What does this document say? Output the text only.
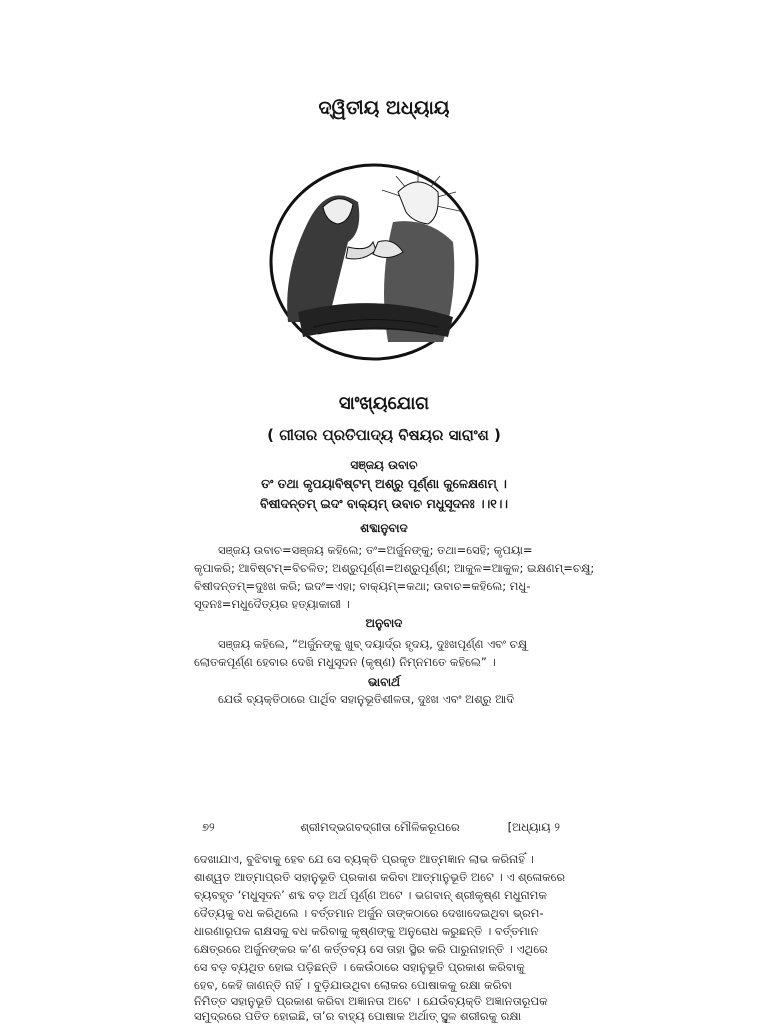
ଦ୍ୱିତୀୟ ଅଧ୍ୟାୟ
ସାଂଖ୍ୟଯୋଗ
( ଗୀତାର ପ୍ରତିପାଦ୍ୟ ବିଷୟର ସାରାଂଶ )
ସଞ୍ଜୟ ଉବାଚ
ତଂ ତଥା କୃପୟାବିଷ୍ଟମ୍ ଅଶ୍ରୁ ପୂର୍ଣ୍ଣା କୁଳେକ୍ଷଣମ୍ ।
ବିଷୀଦନ୍ତମ୍ ଇଦଂ ବାକ୍ୟମ୍ ଉବାଚ ମଧୁସୂଦନଃ ।।୧।।
ଶବ୍ଦାନୁବାଦ
ସଞ୍ଜୟ ଉବାଚ=ସଞ୍ଜୟ କହିଲେ; ତଂ=ଅର୍ଜୁନଙ୍କୁ; ତଥା=ସେହି; କୃପୟା=
କୃପାକରି; ଆବିଷ୍ଟମ୍=ବିଚଳିତ; ଅଶ୍ରୁପୂର୍ଣ୍ଣ=ଅଶ୍ରୁପୂର୍ଣ୍ଣ; ଆକୁଳ=ଆକୁଳ; ଇକ୍ଷଣମ୍=ଚକ୍ଷୁ;
ବିଷୀଦନ୍ତମ୍=ଦୁଃଖ କରି; ଇଦଂ=ଏହା; ବାକ୍ୟମ୍=କଥା; ଉବାଚ=କହିଲେ; ମଧୁ-
ସୂଦନଃ=ମଧୁଦୈତ୍ୟର ହତ୍ୟାକାରୀ ।
ଅନୁବାଦ
ସଞ୍ଜୟ କହିଲେ, “ଅର୍ଜୁନଙ୍କୁ ଖୁବ୍ ଦୟାର୍ଦ୍ର ହୃଦୟ, ଦୁଃଖପୂର୍ଣ୍ଣ ଏବଂ ଚକ୍ଷୁ
ଲୋତକପୂର୍ଣ୍ଣ ହେବାର ଦେଖି ମଧୁସୂଦନ (କୃଷ୍ଣ) ନିମ୍ନମତେ କହିଲେ” ।
ଭାବାର୍ଥ
ଯେଉଁ ବ୍ୟକ୍ତିଠାରେ ପାର୍ଥିବ ସହାନୁଭୂତିଶୀଳତା, ଦୁଃଖ ଏବଂ ଅଶ୍ରୁ ଆଦି
୭୨	ଶ୍ରୀମଦ୍‌ଭଗବଦ୍‌ଗୀତା ମୌଳିକରୂପରେ	[ଅଧ୍ୟାୟ ୨
ଦେଖାଯାଏ, ବୁଝିବାକୁ ହେବ ଯେ ସେ ବ୍ୟକ୍ତି ପ୍ରକୃତ ଆତ୍ମଜ୍ଞାନ ଲାଭ କରିନାହିଁ ।
ଶାଶ୍ୱତ ଆତ୍ମାପ୍ରତି ସହାନୁଭୂତି ପ୍ରକାଶ କରିବା ଆତ୍ମାନୁଭୂତି ଅଟେ । ଏ ଶ୍ଳୋକରେ
ବ୍ୟବହୃତ ‘ମଧୁସୂଦନ’ ଶବ୍ଦ ବଡ଼ ଅର୍ଥ ପୂର୍ଣ୍ଣ ଅଟେ । ଭଗବାନ୍ ଶ୍ରୀକୃଷ୍ଣ ମଧୁନାମକ
ଦୈତ୍ୟକୁ ବଧ କରିଥିଲେ । ବର୍ତ୍ତମାନ ଅର୍ଜୁନ ତାଙ୍କଠାରେ ଦେଖାଦେଇଥିବା ଭ୍ରମ-
ଧାରଣାରୂପକ ରାକ୍ଷସକୁ ବଧ କରିବାକୁ କୃଷ୍ଣଙ୍କୁ ଅନୁରୋଧ କରୁଛନ୍ତି । ବର୍ତ୍ତମାନ
କ୍ଷେତ୍ରରେ ଅର୍ଜୁନଙ୍କର କ’ଣ କର୍ତ୍ତବ୍ୟ ସେ ତାହା ସ୍ଥିର କରି ପାରୁନାହାନ୍ତି । ଏଥିରେ
ସେ ବଡ଼ ବ୍ୟଥିତ ହୋଇ ପଡ଼ିଛନ୍ତି । କେଉଁଠାରେ ସହାନୁଭୂତି ପ୍ରକାଶ କରିବାକୁ
ହେବ, କେହି ଜାଣନ୍ତି ନାହିଁ । ବୁଡ଼ିଯାଉଥିବା ଲୋକର ପୋଷାକକୁ ରକ୍ଷା କରିବା
ନିମିତ୍ତ ସହାନୁଭୂତି ପ୍ରକାଶ କରିବା ଅଜ୍ଞାନତା ଅଟେ । ଯେଉଁବ୍ୟକ୍ତି ଅଜ୍ଞାନତାରୂପକ
ସମୁଦ୍ରରେ ପତିତ ହୋଇଛି, ତା’ର ବାହ୍ୟ ପୋଷାକ ଅର୍ଥାତ୍ ସ୍ଥୂଳ ଶରୀରକୁ ରକ୍ଷା
